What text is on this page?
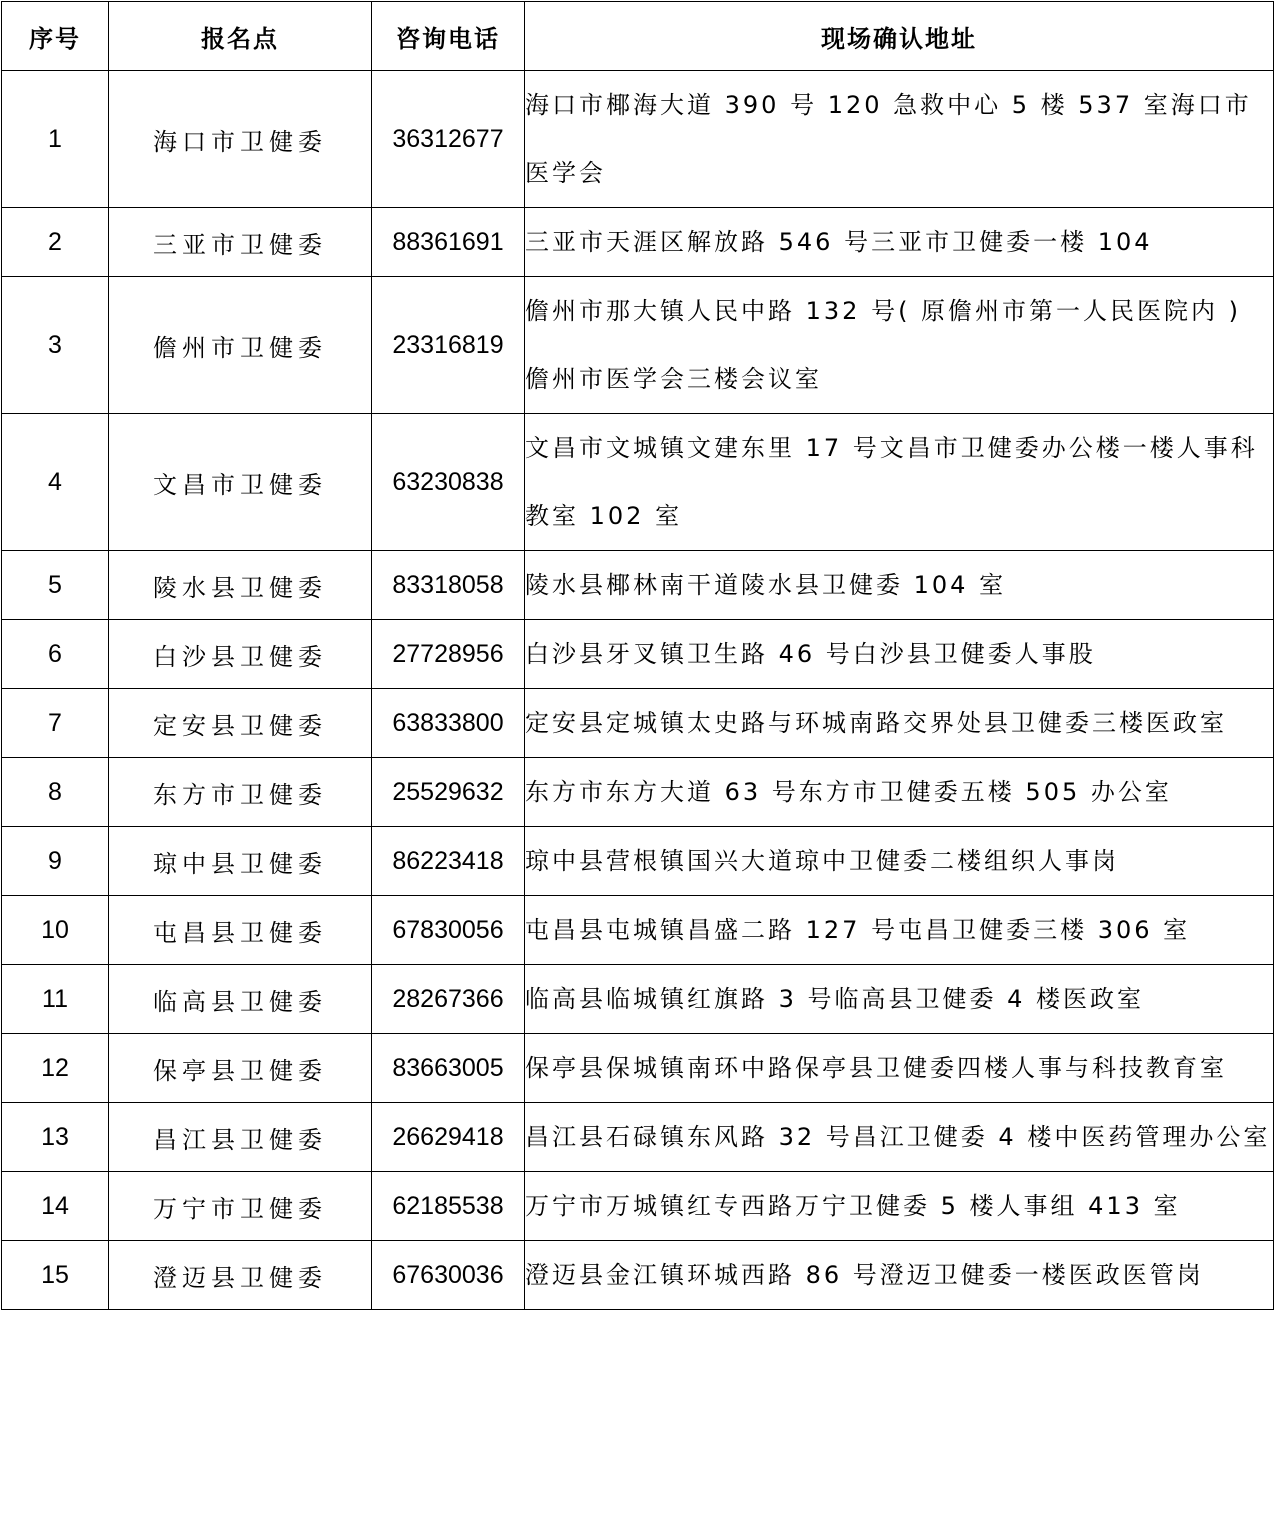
序号	报名点	咨询电话	现场确认地址
1	海口市卫健委	36312677	海口市椰海大道 390 号 120 急救中心 5 楼 537 室海口市医学会
2	三亚市卫健委	88361691	三亚市天涯区解放路 546 号三亚市卫健委一楼 104
3	儋州市卫健委	23316819	儋州市那大镇人民中路 132 号( 原儋州市第一人民医院内 ) 儋州市医学会三楼会议室
4	文昌市卫健委	63230838	文昌市文城镇文建东里 17 号文昌市卫健委办公楼一楼人事科教室 102 室
5	陵水县卫健委	83318058	陵水县椰林南干道陵水县卫健委 104 室
6	白沙县卫健委	27728956	白沙县牙叉镇卫生路 46 号白沙县卫健委人事股
7	定安县卫健委	63833800	定安县定城镇太史路与环城南路交界处县卫健委三楼医政室
8	东方市卫健委	25529632	东方市东方大道 63 号东方市卫健委五楼 505 办公室
9	琼中县卫健委	86223418	琼中县营根镇国兴大道琼中卫健委二楼组织人事岗
10	屯昌县卫健委	67830056	屯昌县屯城镇昌盛二路 127 号屯昌卫健委三楼 306 室
11	临高县卫健委	28267366	临高县临城镇红旗路 3 号临高县卫健委 4 楼医政室
12	保亭县卫健委	83663005	保亭县保城镇南环中路保亭县卫健委四楼人事与科技教育室
13	昌江县卫健委	26629418	昌江县石碌镇东风路 32 号昌江卫健委 4 楼中医药管理办公室
14	万宁市卫健委	62185538	万宁市万城镇红专西路万宁卫健委 5 楼人事组 413 室
15	澄迈县卫健委	67630036	澄迈县金江镇环城西路 86 号澄迈卫健委一楼医政医管岗
